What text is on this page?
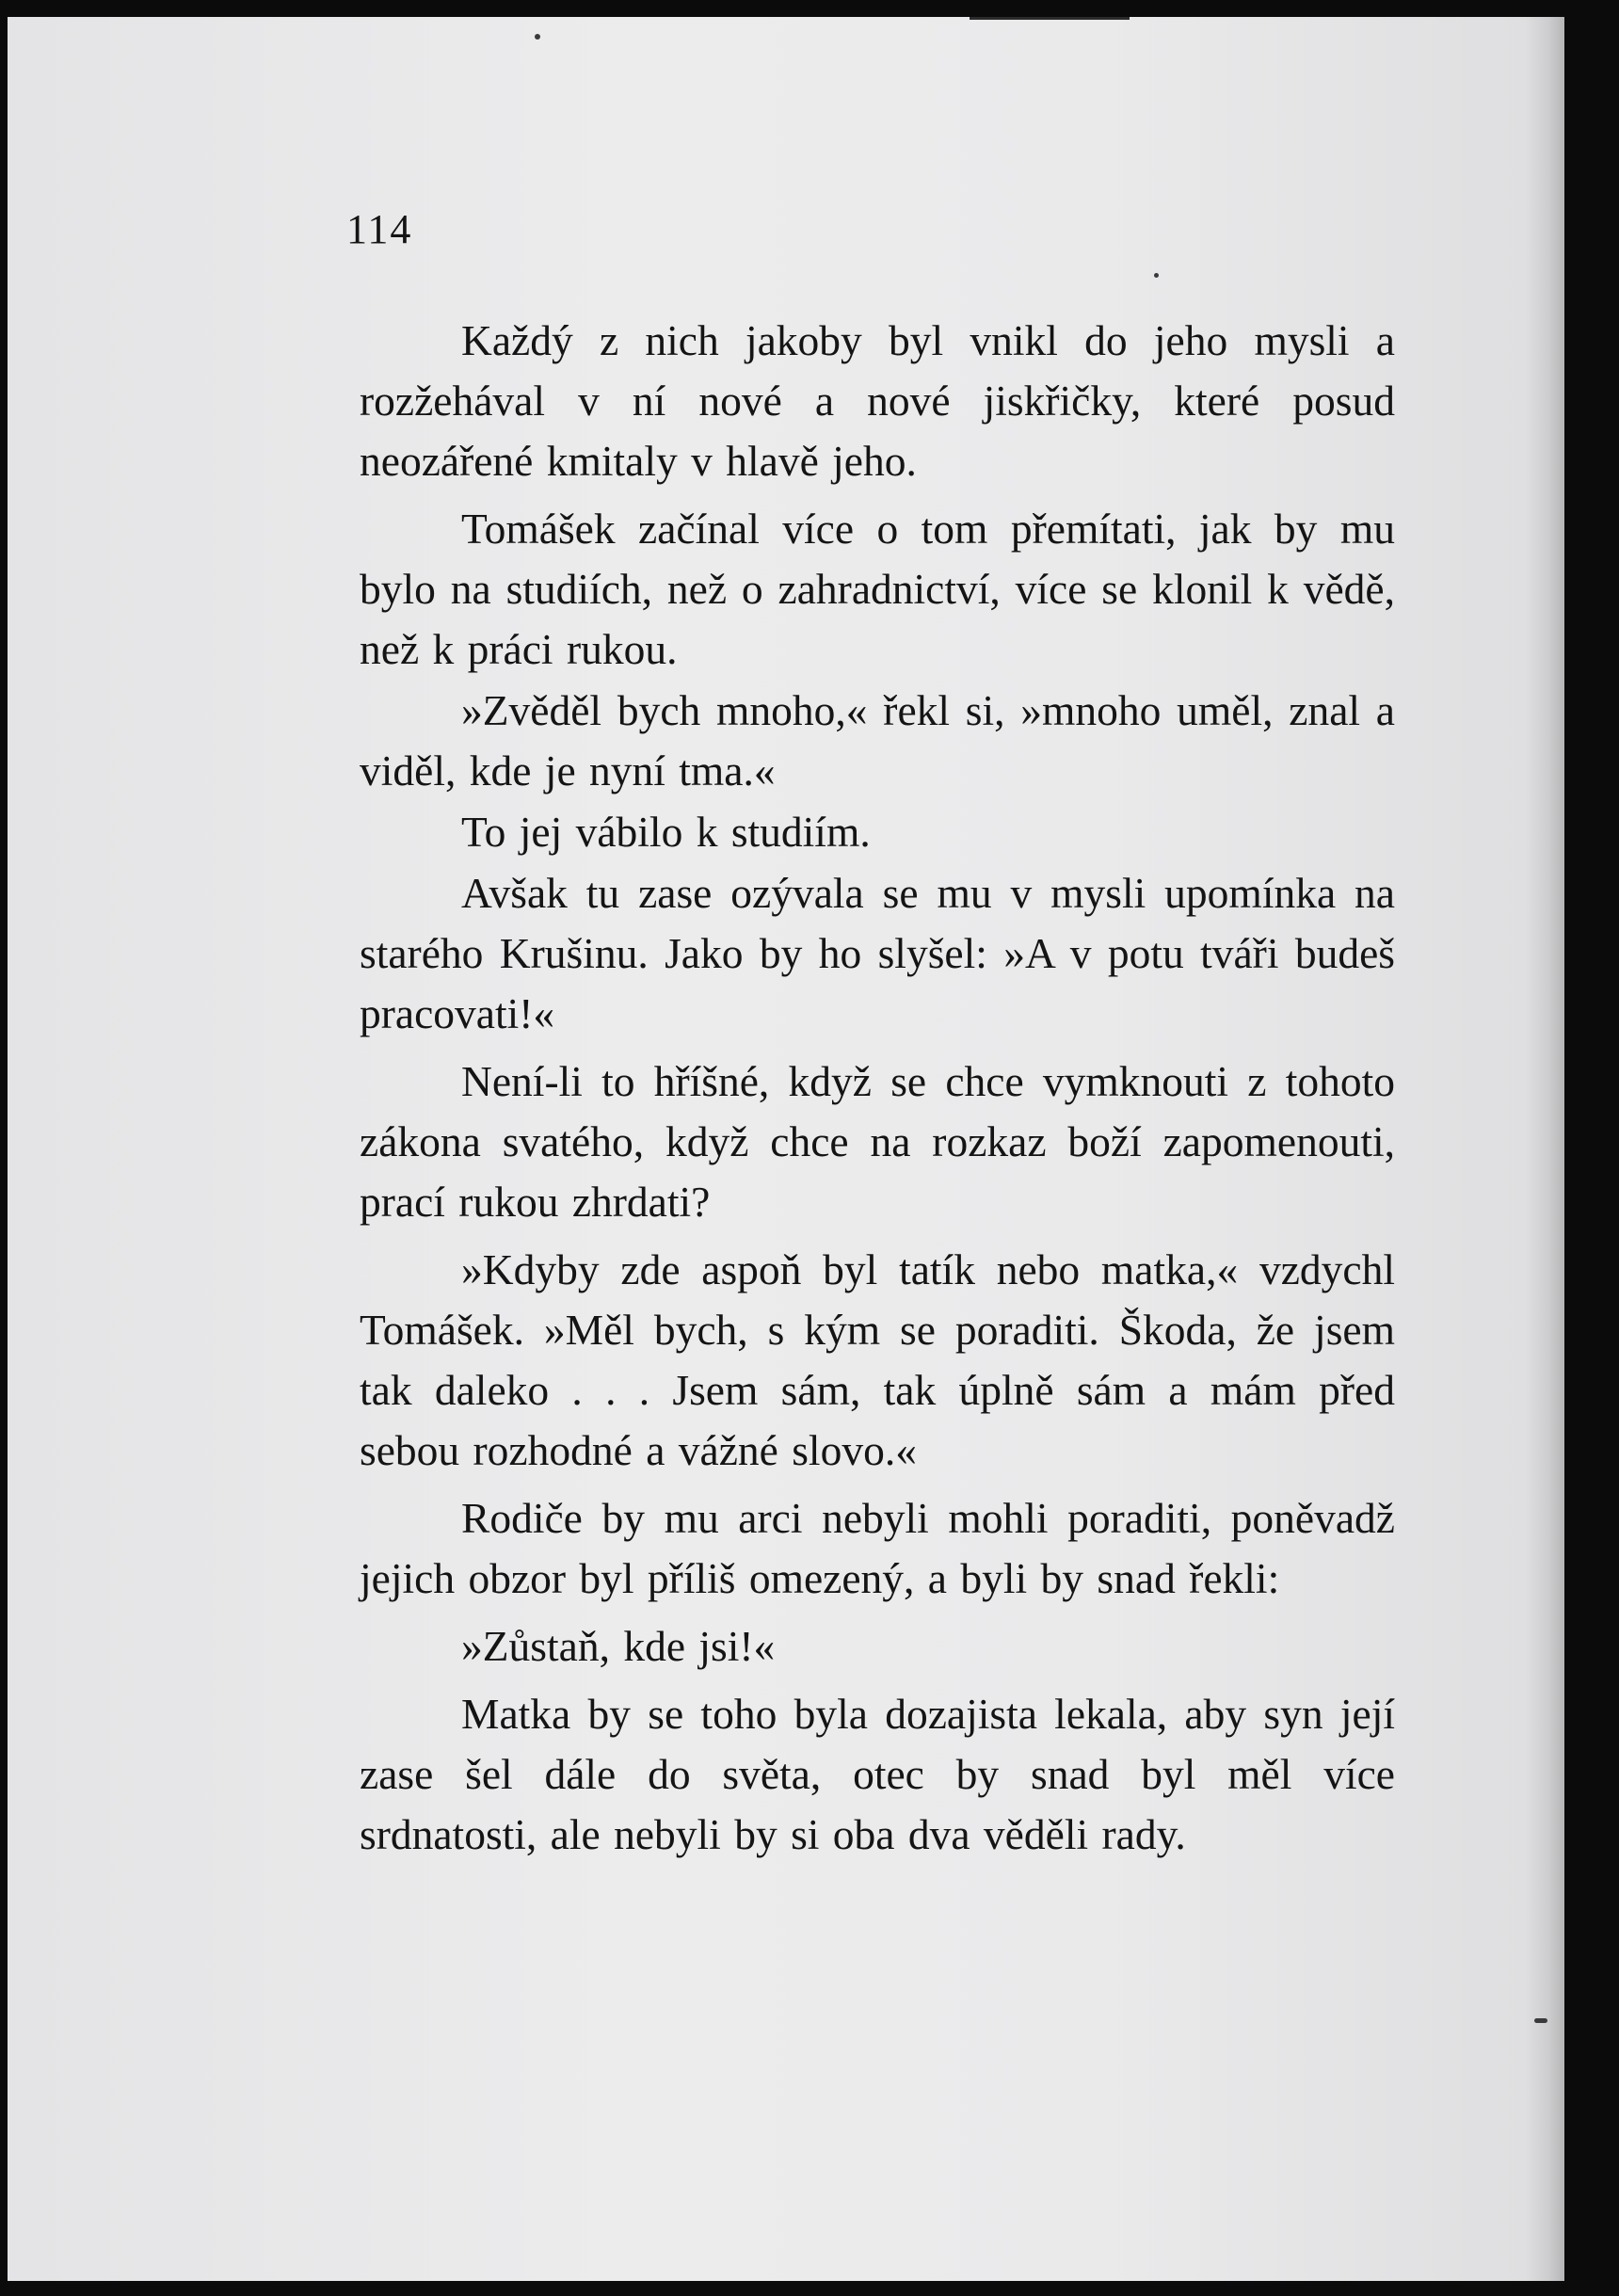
114

Každý z nich jakoby byl vnikl do jeho mysli a rozžehával v ní nové a nové jiskřičky, které posud neozářené kmitaly v hlavě jeho.

Tomášek začínal více o tom přemítati, jak by mu bylo na studiích, než o zahradnictví, více se klonil k vědě, než k práci rukou.

»Zvěděl bych mnoho,« řekl si, »mnoho uměl, znal a viděl, kde je nyní tma.«

To jej vábilo k studiím.

Avšak tu zase ozývala se mu v mysli upomínka na starého Krušinu. Jako by ho slyšel: »A v potu tváři budeš pracovati!«

Není-li to hříšné, když se chce vymknouti z tohoto zákona svatého, když chce na rozkaz boží zapomenouti, prací rukou zhrdati?

»Kdyby zde aspoň byl tatík nebo matka,« vzdychl Tomášek. »Měl bych, s kým se poraditi. Škoda, že jsem tak daleko . . . Jsem sám, tak úplně sám a mám před sebou rozhodné a vážné slovo.«

Rodiče by mu arci nebyli mohli poraditi, poněvadž jejich obzor byl příliš omezený, a byli by snad řekli:

»Zůstaň, kde jsi!«

Matka by se toho byla dozajista lekala, aby syn její zase šel dále do světa, otec by snad byl měl více srdnatosti, ale nebyli by si oba dva věděli rady.
